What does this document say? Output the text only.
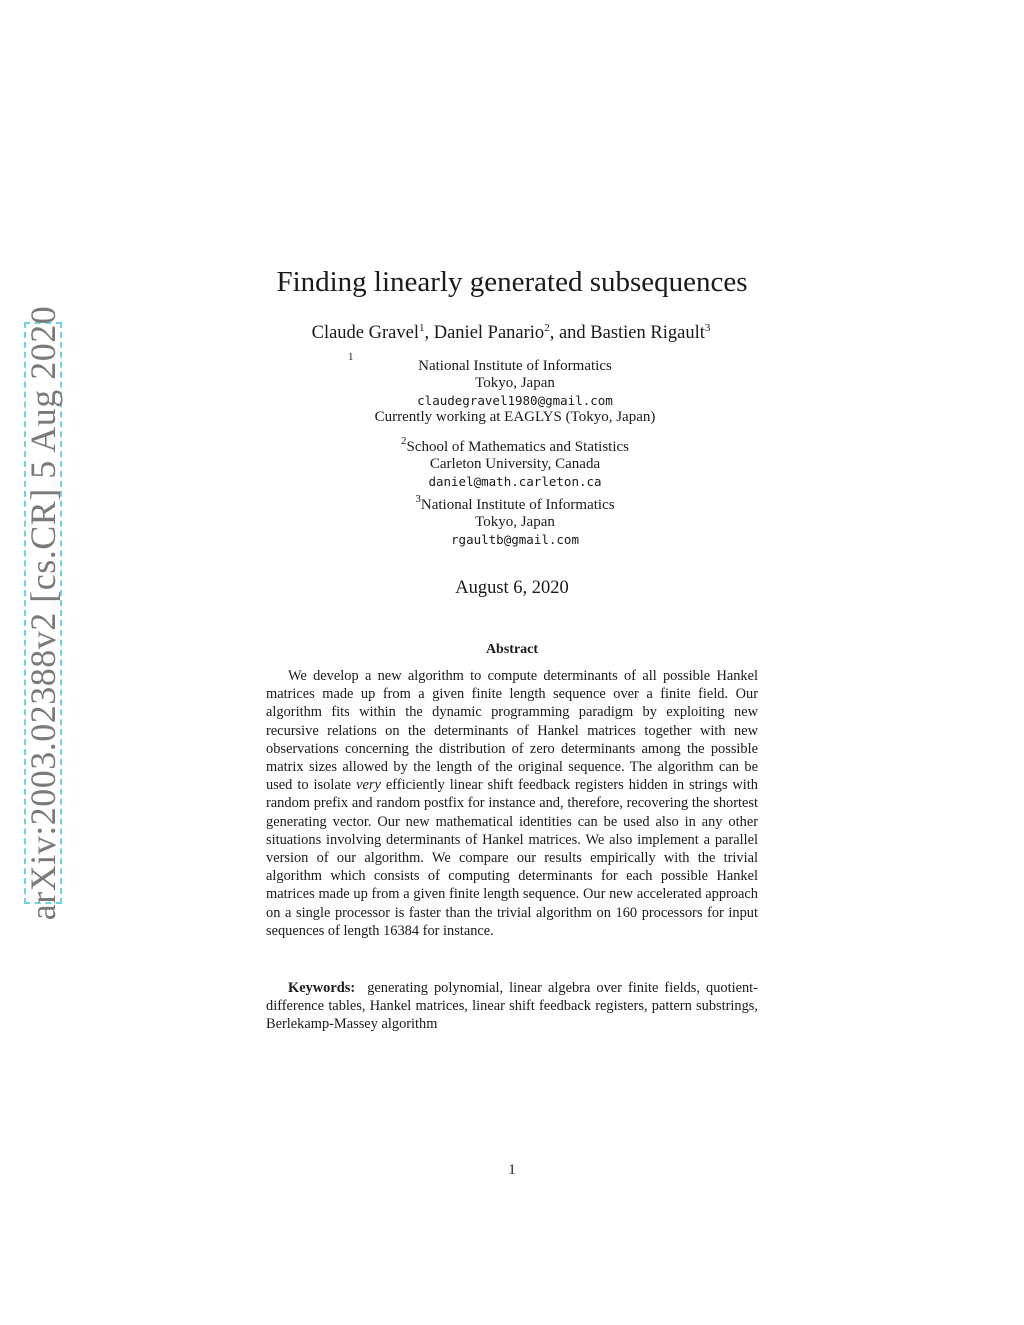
arXiv:2003.02388v2 [cs.CR] 5 Aug 2020
Finding linearly generated subsequences
Claude Gravel$^1$, Daniel Panario$^2$, and Bastien Rigault$^3$
1
National Institute of Informatics
Tokyo, Japan
claudegravel1980@gmail.com
Currently working at EAGLYS (Tokyo, Japan)
$^2$School of Mathematics and Statistics
Carleton University, Canada
daniel@math.carleton.ca
$^3$National Institute of Informatics
Tokyo, Japan
rgaultb@gmail.com
August 6, 2020
Abstract

We develop a new algorithm to compute determinants of all possible Hankel matrices made up from a given finite length sequence over a finite field. Our algorithm fits within the dynamic programming paradigm by exploiting new recursive relations on the determinants of Hankel matrices together with new observations concerning the distribution of zero determinants among the possible matrix sizes allowed by the length of the original sequence. The algorithm can be used to isolate very efficiently linear shift feedback registers hidden in strings with random prefix and random postfix for instance and, therefore, recovering the shortest generating vector. Our new mathematical identities can be used also in any other situations involving determinants of Hankel matrices. We also implement a parallel version of our algorithm. We compare our results empirically with the trivial algorithm which consists of computing determinants for each possible Hankel matrices made up from a given finite length sequence. Our new accelerated approach on a single processor is faster than the trivial algorithm on 160 processors for input sequences of length 16384 for instance.

Keywords: generating polynomial, linear algebra over finite fields, quotient-difference tables, Hankel matrices, linear shift feedback registers, pattern substrings, Berlekamp-Massey algorithm

1
